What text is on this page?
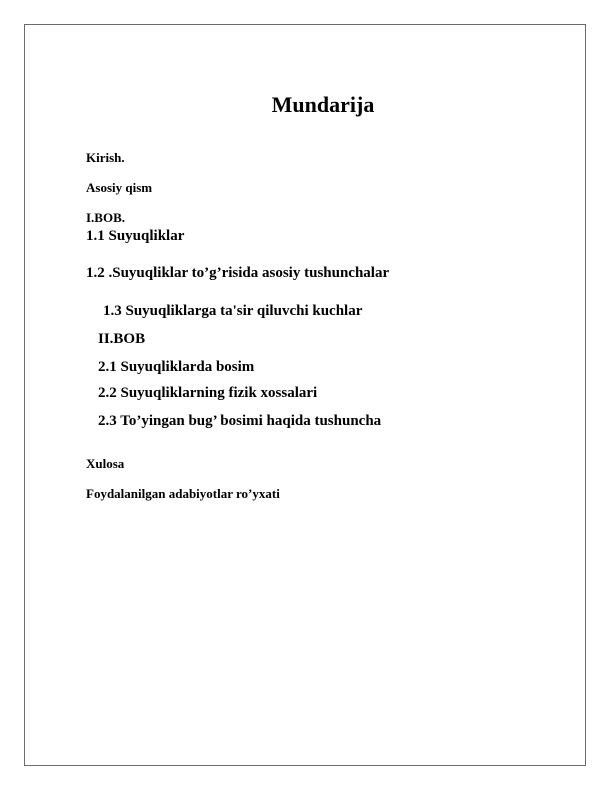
Mundarija
Kirish.
Asosiy qism
I.BOB.
1.1 Suyuqliklar
1.2 .Suyuqliklar to’g’risida asosiy tushunchalar
1.3 Suyuqliklarga ta'sir qiluvchi kuchlar
II.BOB
2.1 Suyuqliklarda bosim
2.2 Suyuqliklarning fizik xossalari
2.3 To’yingan bug’ bosimi haqida tushuncha
Xulosa
Foydalanilgan adabiyotlar ro’yxati
